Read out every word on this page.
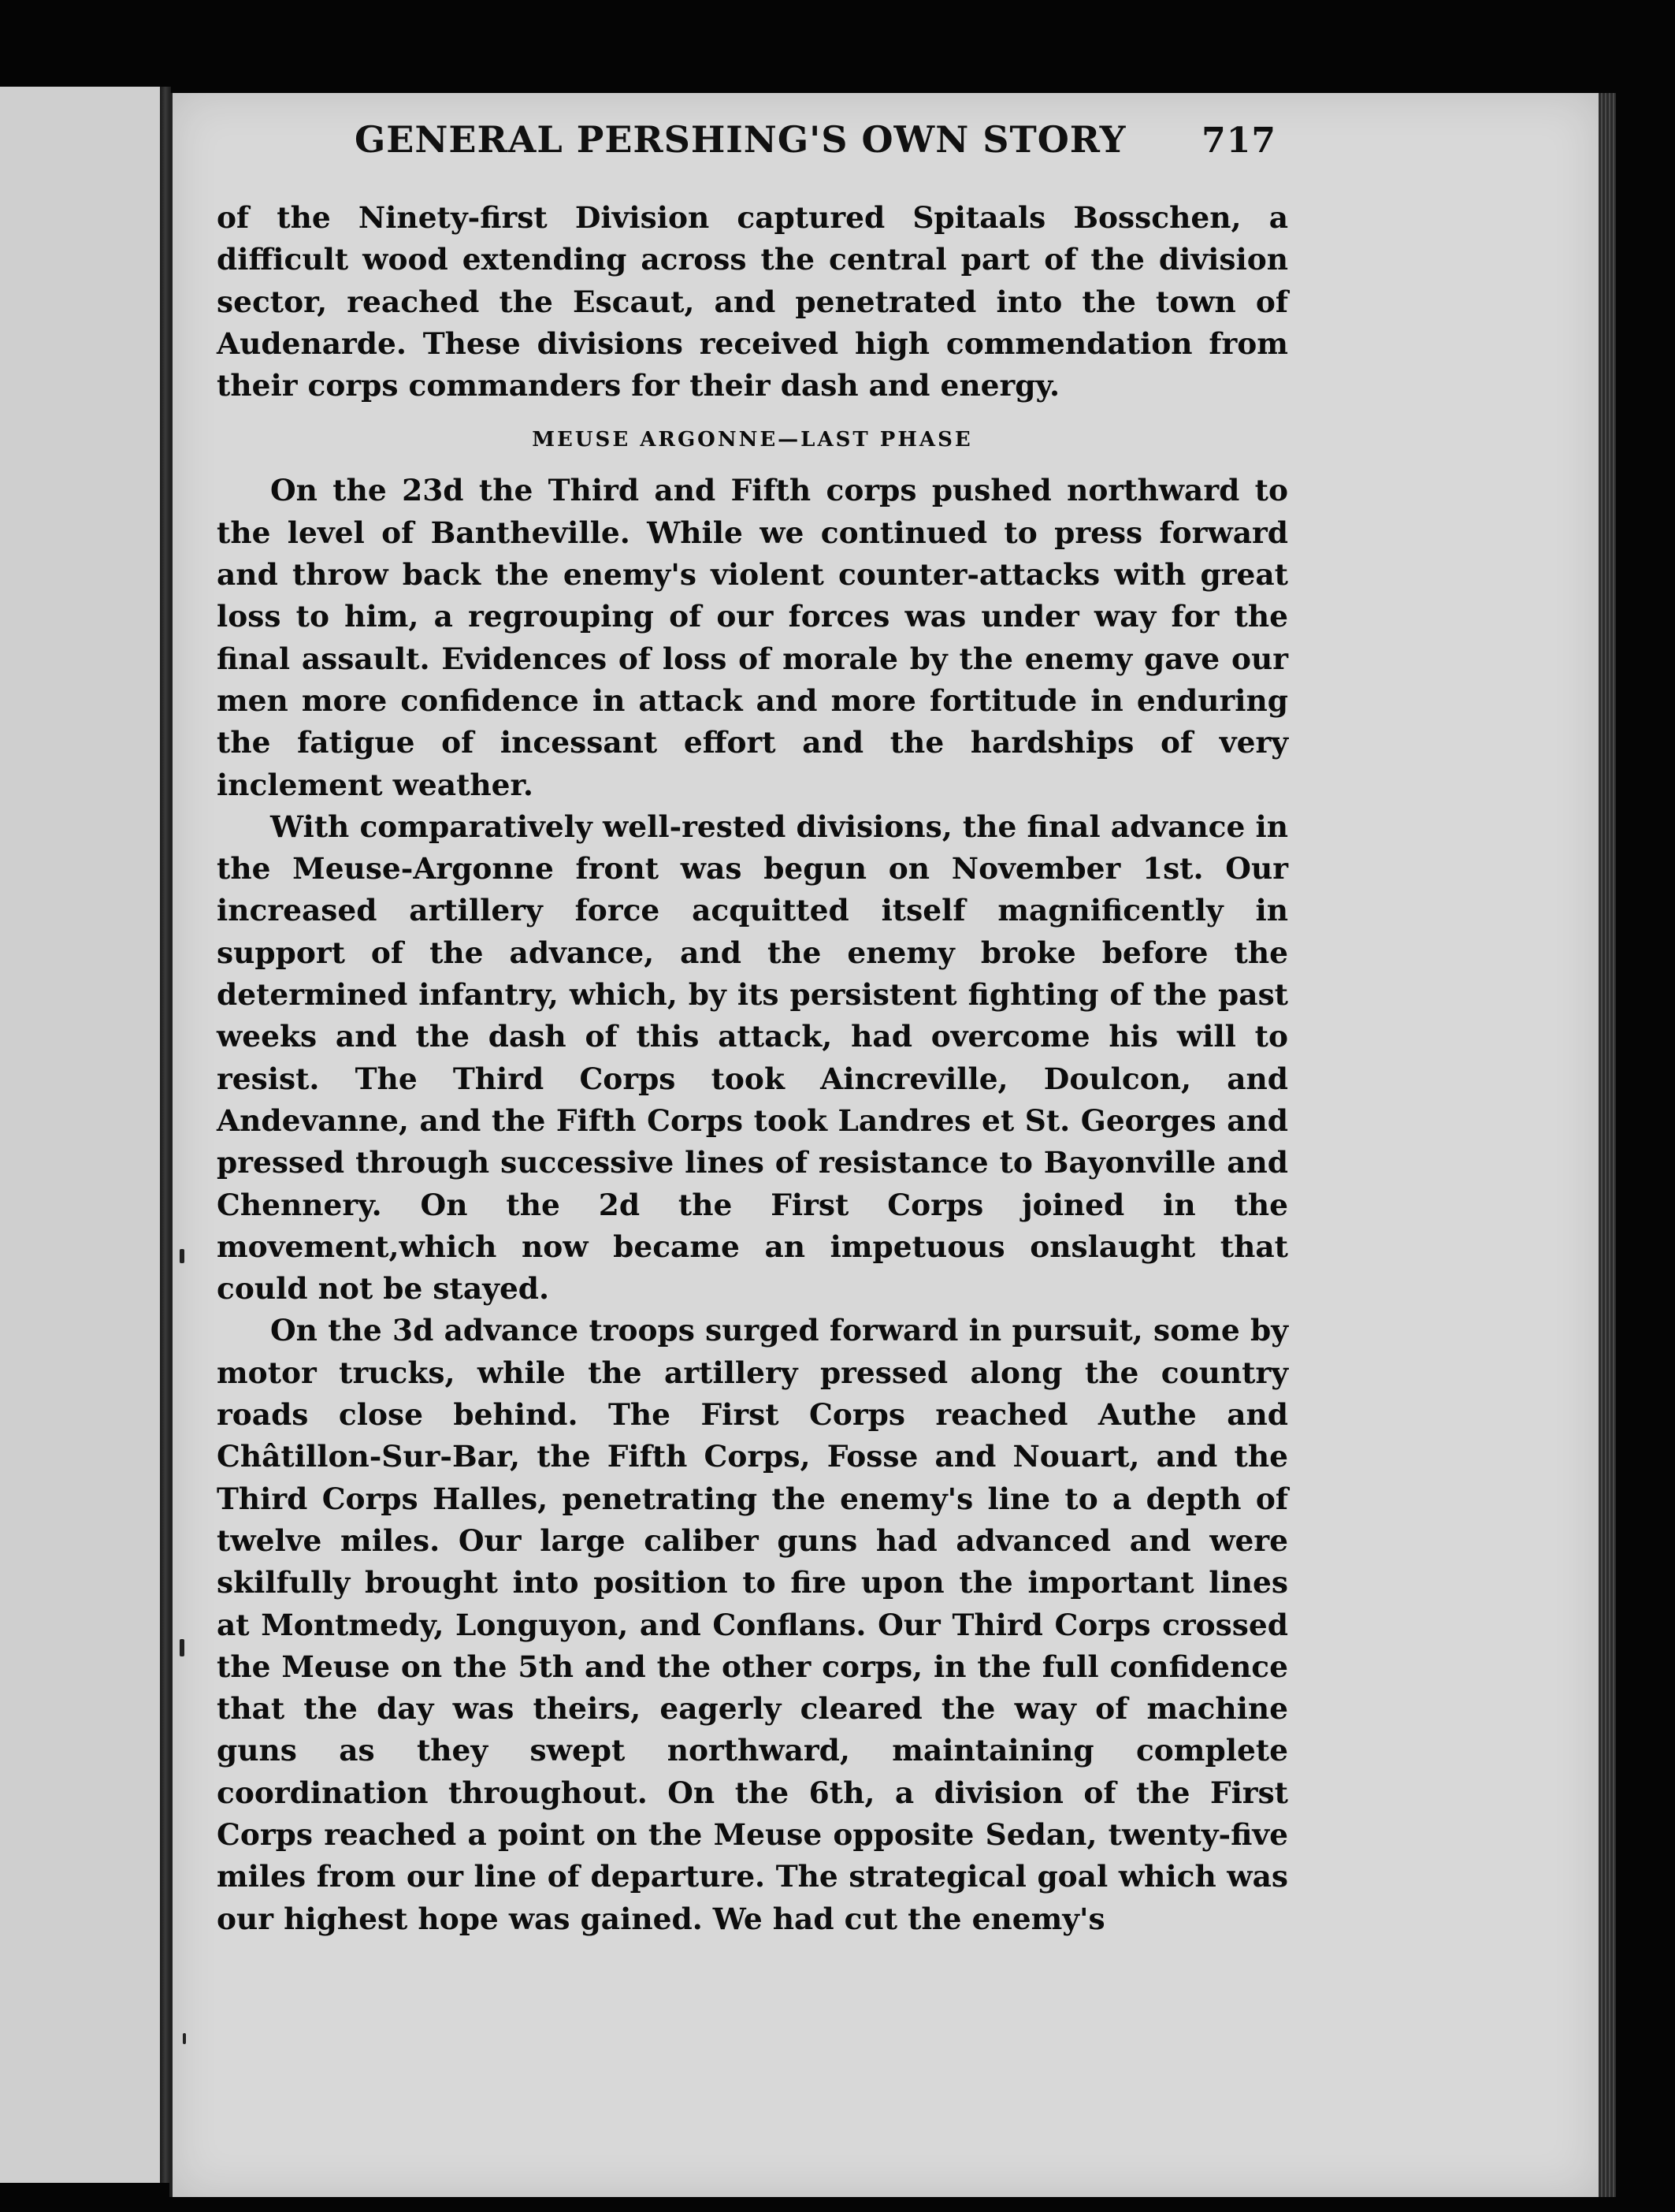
GENERAL PERSHING'S OWN STORY 717

of the Ninety-first Division captured Spitaals Bosschen, a difficult wood extending across the central part of the division sector, reached the Escaut, and penetrated into the town of Audenarde. These divisions received high commendation from their corps commanders for their dash and energy.

MEUSE ARGONNE—LAST PHASE

On the 23d the Third and Fifth corps pushed northward to the level of Bantheville. While we continued to press forward and throw back the enemy's violent counter-attacks with great loss to him, a regrouping of our forces was under way for the final assault. Evidences of loss of morale by the enemy gave our men more confidence in attack and more fortitude in enduring the fatigue of incessant effort and the hardships of very inclement weather.

With comparatively well-rested divisions, the final advance in the Meuse-Argonne front was begun on November 1st. Our increased artillery force acquitted itself magnificently in support of the advance, and the enemy broke before the determined infantry, which, by its persistent fighting of the past weeks and the dash of this attack, had overcome his will to resist. The Third Corps took Aincreville, Doulcon, and Andevanne, and the Fifth Corps took Landres et St. Georges and pressed through successive lines of resistance to Bayonville and Chennery. On the 2d the First Corps joined in the movement,which now became an impetuous onslaught that could not be stayed.

On the 3d advance troops surged forward in pursuit, some by motor trucks, while the artillery pressed along the country roads close behind. The First Corps reached Authe and Châtillon-Sur-Bar, the Fifth Corps, Fosse and Nouart, and the Third Corps Halles, penetrating the enemy's line to a depth of twelve miles. Our large caliber guns had advanced and were skilfully brought into position to fire upon the important lines at Montmedy, Longuyon, and Conflans. Our Third Corps crossed the Meuse on the 5th and the other corps, in the full confidence that the day was theirs, eagerly cleared the way of machine guns as they swept northward, maintaining complete coordination throughout. On the 6th, a division of the First Corps reached a point on the Meuse opposite Sedan, twenty-five miles from our line of departure. The strategical goal which was our highest hope was gained. We had cut the enemy's
